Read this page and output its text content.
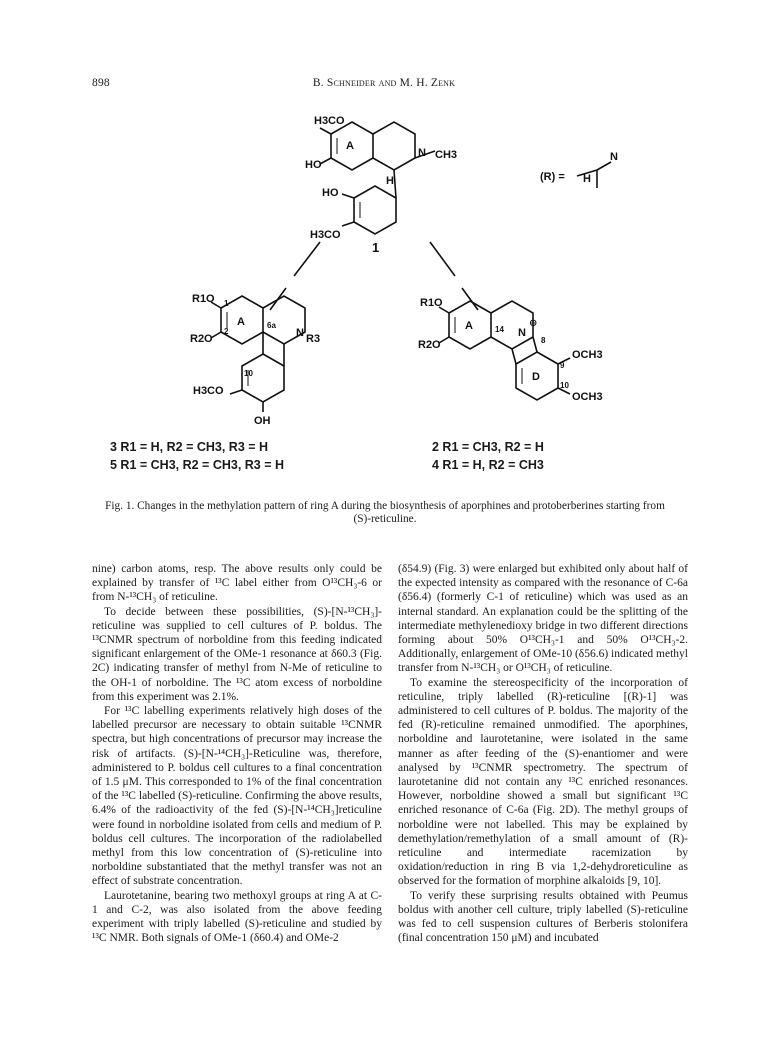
898	B. Schneider and M. H. Zenk
H3CO
HO
A
N CH3
H
HO
H3CO
1
(R) =
N
H
R1O
R2O
A	6a
N R3
1
2
10
H3CO
OH
R1O
R2O
A	14 N
⊕
8
9
10
D
OCH3
OCH3
3 R1 = H, R2 = CH3, R3 = H
5 R1 = CH3, R2 = CH3, R3 = H
2 R1 = CH3, R2 = H
4 R1 = H, R2 = CH3
Fig. 1. Changes in the methylation pattern of ring A during the biosynthesis of aporphines and protoberberines starting from (S)-reticuline.

nine) carbon atoms, resp. The above results only could be explained by transfer of ¹³C label either from O¹³CH₃-6 or from N-¹³CH₃ of reticuline.

To decide between these possibilities, (S)-[N-¹³CH₃]-reticuline was supplied to cell cultures of P. boldus. The ¹³CNMR spectrum of norboldine from this feeding indicated significant enlargement of the OMe-1 resonance at δ60.3 (Fig. 2C) indicating transfer of methyl from N-Me of reticuline to the OH-1 of norboldine. The ¹³C atom excess of norboldine from this experiment was 2.1%.

For ¹³C labelling experiments relatively high doses of the labelled precursor are necessary to obtain suitable ¹³CNMR spectra, but high concentrations of precursor may increase the risk of artifacts. (S)-[N-¹⁴CH₃]-Reticuline was, therefore, administered to P. boldus cell cultures to a final concentration of 1.5 μM. This corresponded to 1% of the final concentration of the ¹³C labelled (S)-reticuline. Confirming the above results, 6.4% of the radioactivity of the fed (S)-[N-¹⁴CH₃]reticuline were found in norboldine isolated from cells and medium of P. boldus cell cultures. The incorporation of the radiolabelled methyl from this low concentration of (S)-reticuline into norboldine substantiated that the methyl transfer was not an effect of substrate concentration.

Laurotetanine, bearing two methoxyl groups at ring A at C-1 and C-2, was also isolated from the above feeding experiment with triply labelled (S)-reticuline and studied by ¹³C NMR. Both signals of OMe-1 (δ60.4) and OMe-2

(δ54.9) (Fig. 3) were enlarged but exhibited only about half of the expected intensity as compared with the resonance of C-6a (δ56.4) (formerly C-1 of reticuline) which was used as an internal standard. An explanation could be the splitting of the intermediate methylenedioxy bridge in two different directions forming about 50% O¹³CH₃-1 and 50% O¹³CH₃-2. Additionally, enlargement of OMe-10 (δ56.6) indicated methyl transfer from N-¹³CH₃ or O¹³CH₃ of reticuline.

To examine the stereospecificity of the incorporation of reticuline, triply labelled (R)-reticuline [(R)-1] was administered to cell cultures of P. boldus. The majority of the fed (R)-reticuline remained unmodified. The aporphines, norboldine and laurotetanine, were isolated in the same manner as after feeding of the (S)-enantiomer and were analysed by ¹³CNMR spectrometry. The spectrum of laurotetanine did not contain any ¹³C enriched resonances. However, norboldine showed a small but significant ¹³C enriched resonance of C-6a (Fig. 2D). The methyl groups of norboldine were not labelled. This may be explained by demethylation/remethylation of a small amount of (R)-reticuline and intermediate racemization by oxidation/reduction in ring B via 1,2-dehydroreticuline as observed for the formation of morphine alkaloids [9, 10].

To verify these surprising results obtained with Peumus boldus with another cell culture, triply labelled (S)-reticuline was fed to cell suspension cultures of Berberis stolonifera (final concentration 150 μM) and incubated
